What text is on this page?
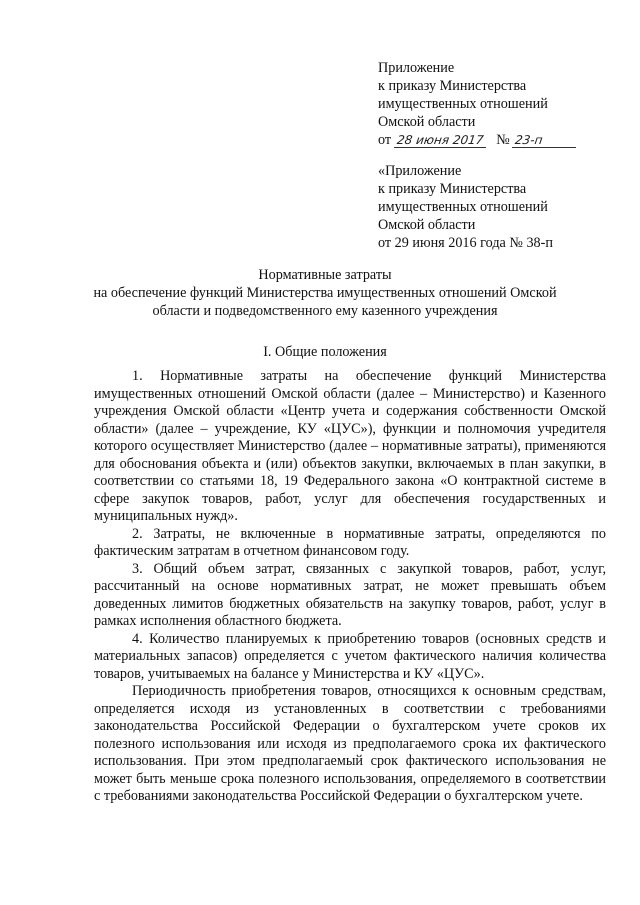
Приложение
к приказу Министерства
имущественных отношений
Омской области
от 28 июня 2017 № 23-п
«Приложение
к приказу Министерства
имущественных отношений
Омской области
от 29 июня 2016 года № 38-п
Нормативные затраты
на обеспечение функций Министерства имущественных отношений Омской
области и подведомственного ему казенного учреждения
I. Общие положения

1. Нормативные затраты на обеспечение функций Министерства имущественных отношений Омской области (далее – Министерство) и Казенного учреждения Омской области «Центр учета и содержания собственности Омской области» (далее – учреждение, КУ «ЦУС»), функции и полномочия учредителя которого осуществляет Министерство (далее – нормативные затраты), применяются для обоснования объекта и (или) объектов закупки, включаемых в план закупки, в соответствии со статьями 18, 19 Федерального закона «О контрактной системе в сфере закупок товаров, работ, услуг для обеспечения государственных и муниципальных нужд».

2. Затраты, не включенные в нормативные затраты, определяются по фактическим затратам в отчетном финансовом году.

3. Общий объем затрат, связанных с закупкой товаров, работ, услуг, рассчитанный на основе нормативных затрат, не может превышать объем доведенных лимитов бюджетных обязательств на закупку товаров, работ, услуг в рамках исполнения областного бюджета.

4. Количество планируемых к приобретению товаров (основных средств и материальных запасов) определяется с учетом фактического наличия количества товаров, учитываемых на балансе у Министерства и КУ «ЦУС».

Периодичность приобретения товаров, относящихся к основным средствам, определяется исходя из установленных в соответствии с требованиями законодательства Российской Федерации о бухгалтерском учете сроков их полезного использования или исходя из предполагаемого срока их фактического использования. При этом предполагаемый срок фактического использования не может быть меньше срока полезного использования, определяемого в соответствии с требованиями законодательства Российской Федерации о бухгалтерском учете.
